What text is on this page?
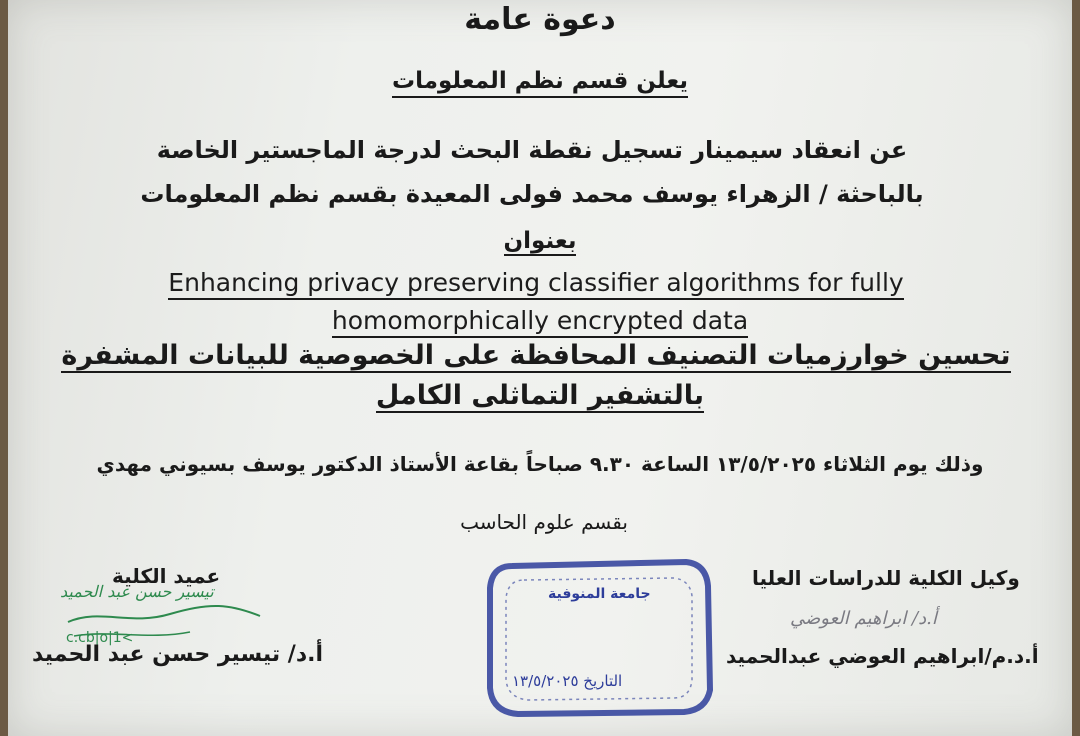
دعوة عامة
يعلن قسم نظم المعلومات
عن انعقاد سيمينار تسجيل نقطة البحث لدرجة الماجستير الخاصة
بالباحثة / الزهراء يوسف محمد فولى المعيدة بقسم نظم المعلومات
بعنوان
Enhancing privacy preserving classifier algorithms for fully
homomorphically encrypted data
تحسين خوارزميات التصنيف المحافظة على الخصوصية للبيانات المشفرة
بالتشفير التماثلى الكامل
وذلك يوم الثلاثاء ١٣/٥/٢٠٢٥ الساعة ٩.٣٠ صباحاً بقاعة الأستاذ الدكتور يوسف بسيوني مهدي
بقسم علوم الحاسب
وكيل الكلية للدراسات العليا
أ.د/ ابراهيم العوضي
أ.د.م/ابراهيم العوضي عبدالحميد
عميد الكلية
تيسير حسن عبد الحميد
c.cb|o|1<
أ.د/ تيسير حسن عبد الحميد
جامعة المنوفية
التاريخ ١٣/٥/٢٠٢٥
